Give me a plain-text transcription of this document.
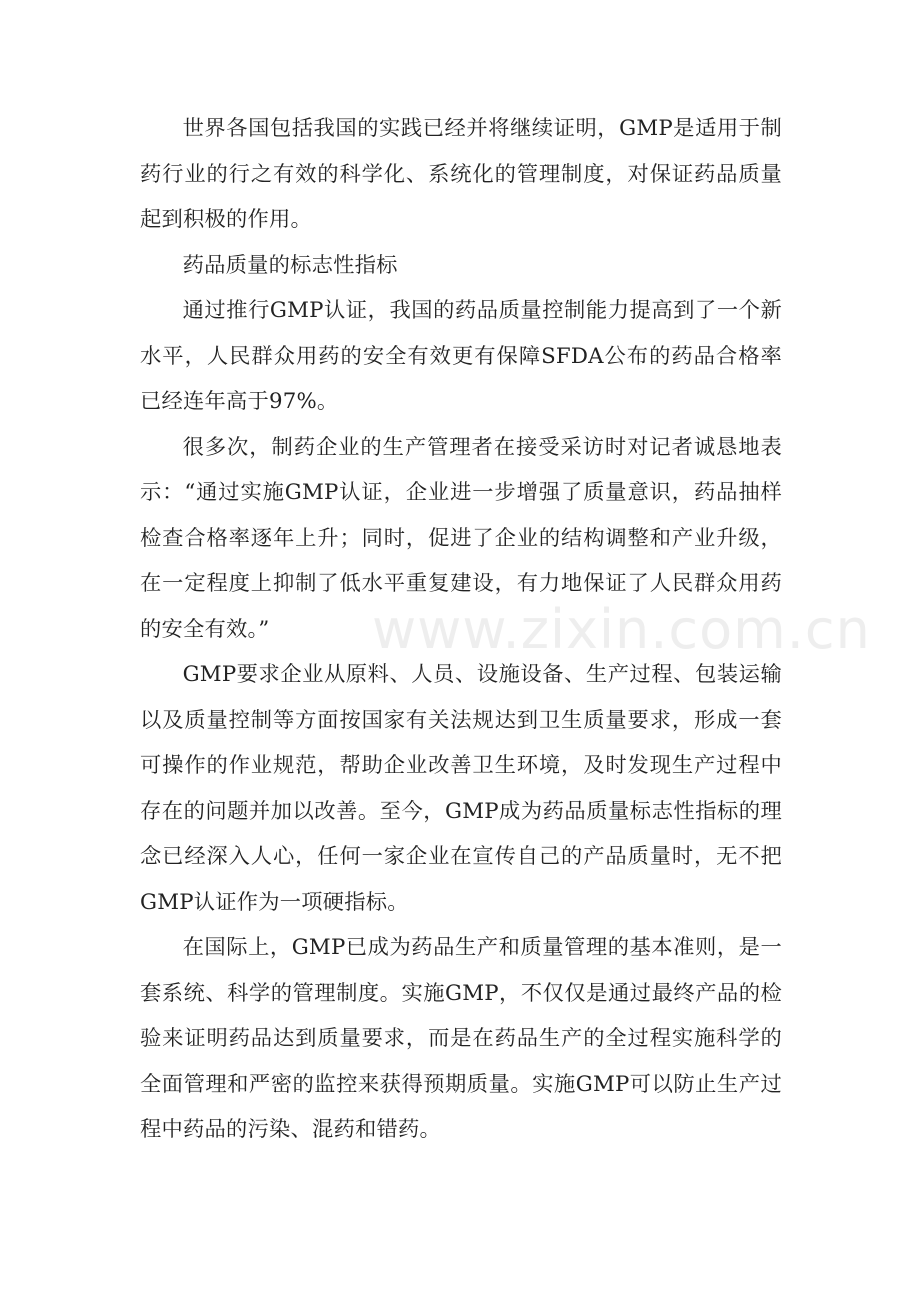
www.zixin.com.cn

世界各国包括我国的实践已经并将继续证明，GMP是适用于制药行业的行之有效的科学化、系统化的管理制度，对保证药品质量起到积极的作用。

药品质量的标志性指标

通过推行GMP认证，我国的药品质量控制能力提高到了一个新水平，人民群众用药的安全有效更有保障SFDA公布的药品合格率已经连年高于97%。

很多次，制药企业的生产管理者在接受采访时对记者诚恳地表示：“通过实施GMP认证，企业进一步增强了质量意识，药品抽样检查合格率逐年上升；同时，促进了企业的结构调整和产业升级，在一定程度上抑制了低水平重复建设，有力地保证了人民群众用药的安全有效。”

GMP要求企业从原料、人员、设施设备、生产过程、包装运输以及质量控制等方面按国家有关法规达到卫生质量要求，形成一套可操作的作业规范，帮助企业改善卫生环境，及时发现生产过程中存在的问题并加以改善。至今，GMP成为药品质量标志性指标的理念已经深入人心，任何一家企业在宣传自己的产品质量时，无不把GMP认证作为一项硬指标。

在国际上，GMP已成为药品生产和质量管理的基本准则，是一套系统、科学的管理制度。实施GMP，不仅仅是通过最终产品的检验来证明药品达到质量要求，而是在药品生产的全过程实施科学的全面管理和严密的监控来获得预期质量。实施GMP可以防止生产过程中药品的污染、混药和错药。
